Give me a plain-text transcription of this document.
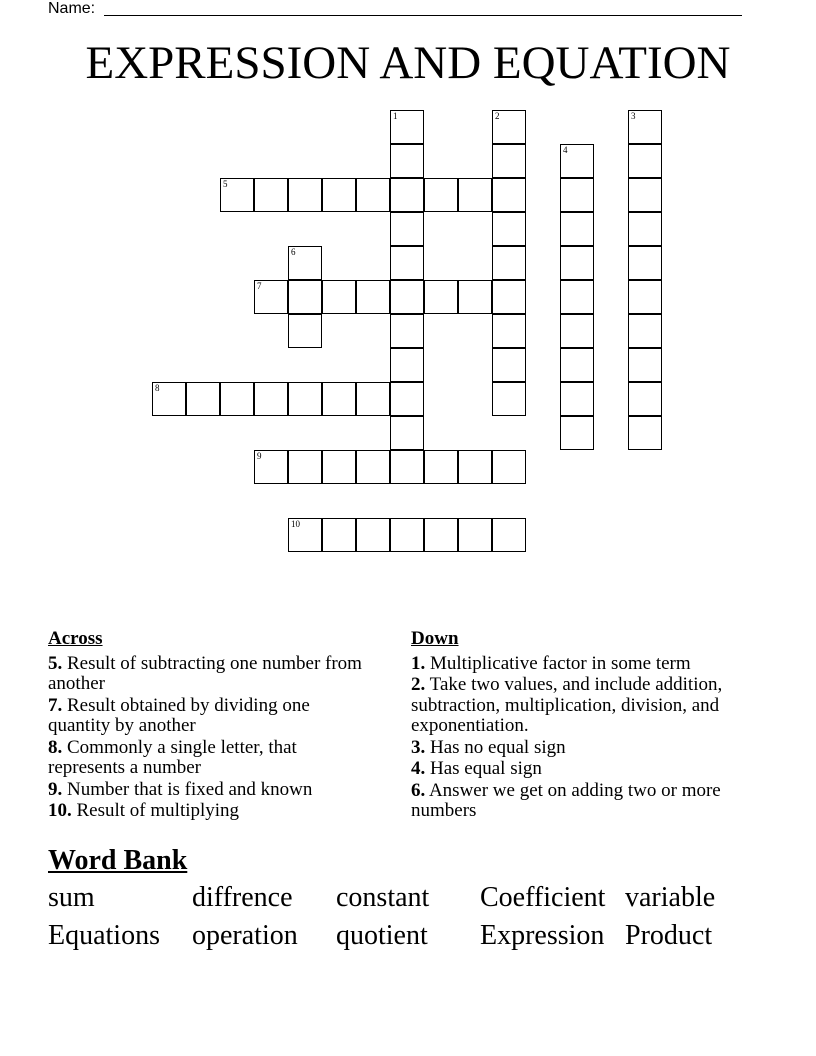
Name:
EXPRESSION AND EQUATION
1	2	3
4
5
6
7
8
9
10
Across
5. Result of subtracting one number from another
7. Result obtained by dividing one quantity by another
8. Commonly a single letter, that represents a number
9. Number that is fixed and known
10. Result of multiplying
Down
1. Multiplicative factor in some term
2. Take two values, and include addition, subtraction, multiplication, division, and exponentiation.
3. Has no equal sign
4. Has equal sign
6. Answer we get on adding two or more numbers
Word Bank
sum	diffrence constant Coefficient variable
Equations operation quotient Expression Product
